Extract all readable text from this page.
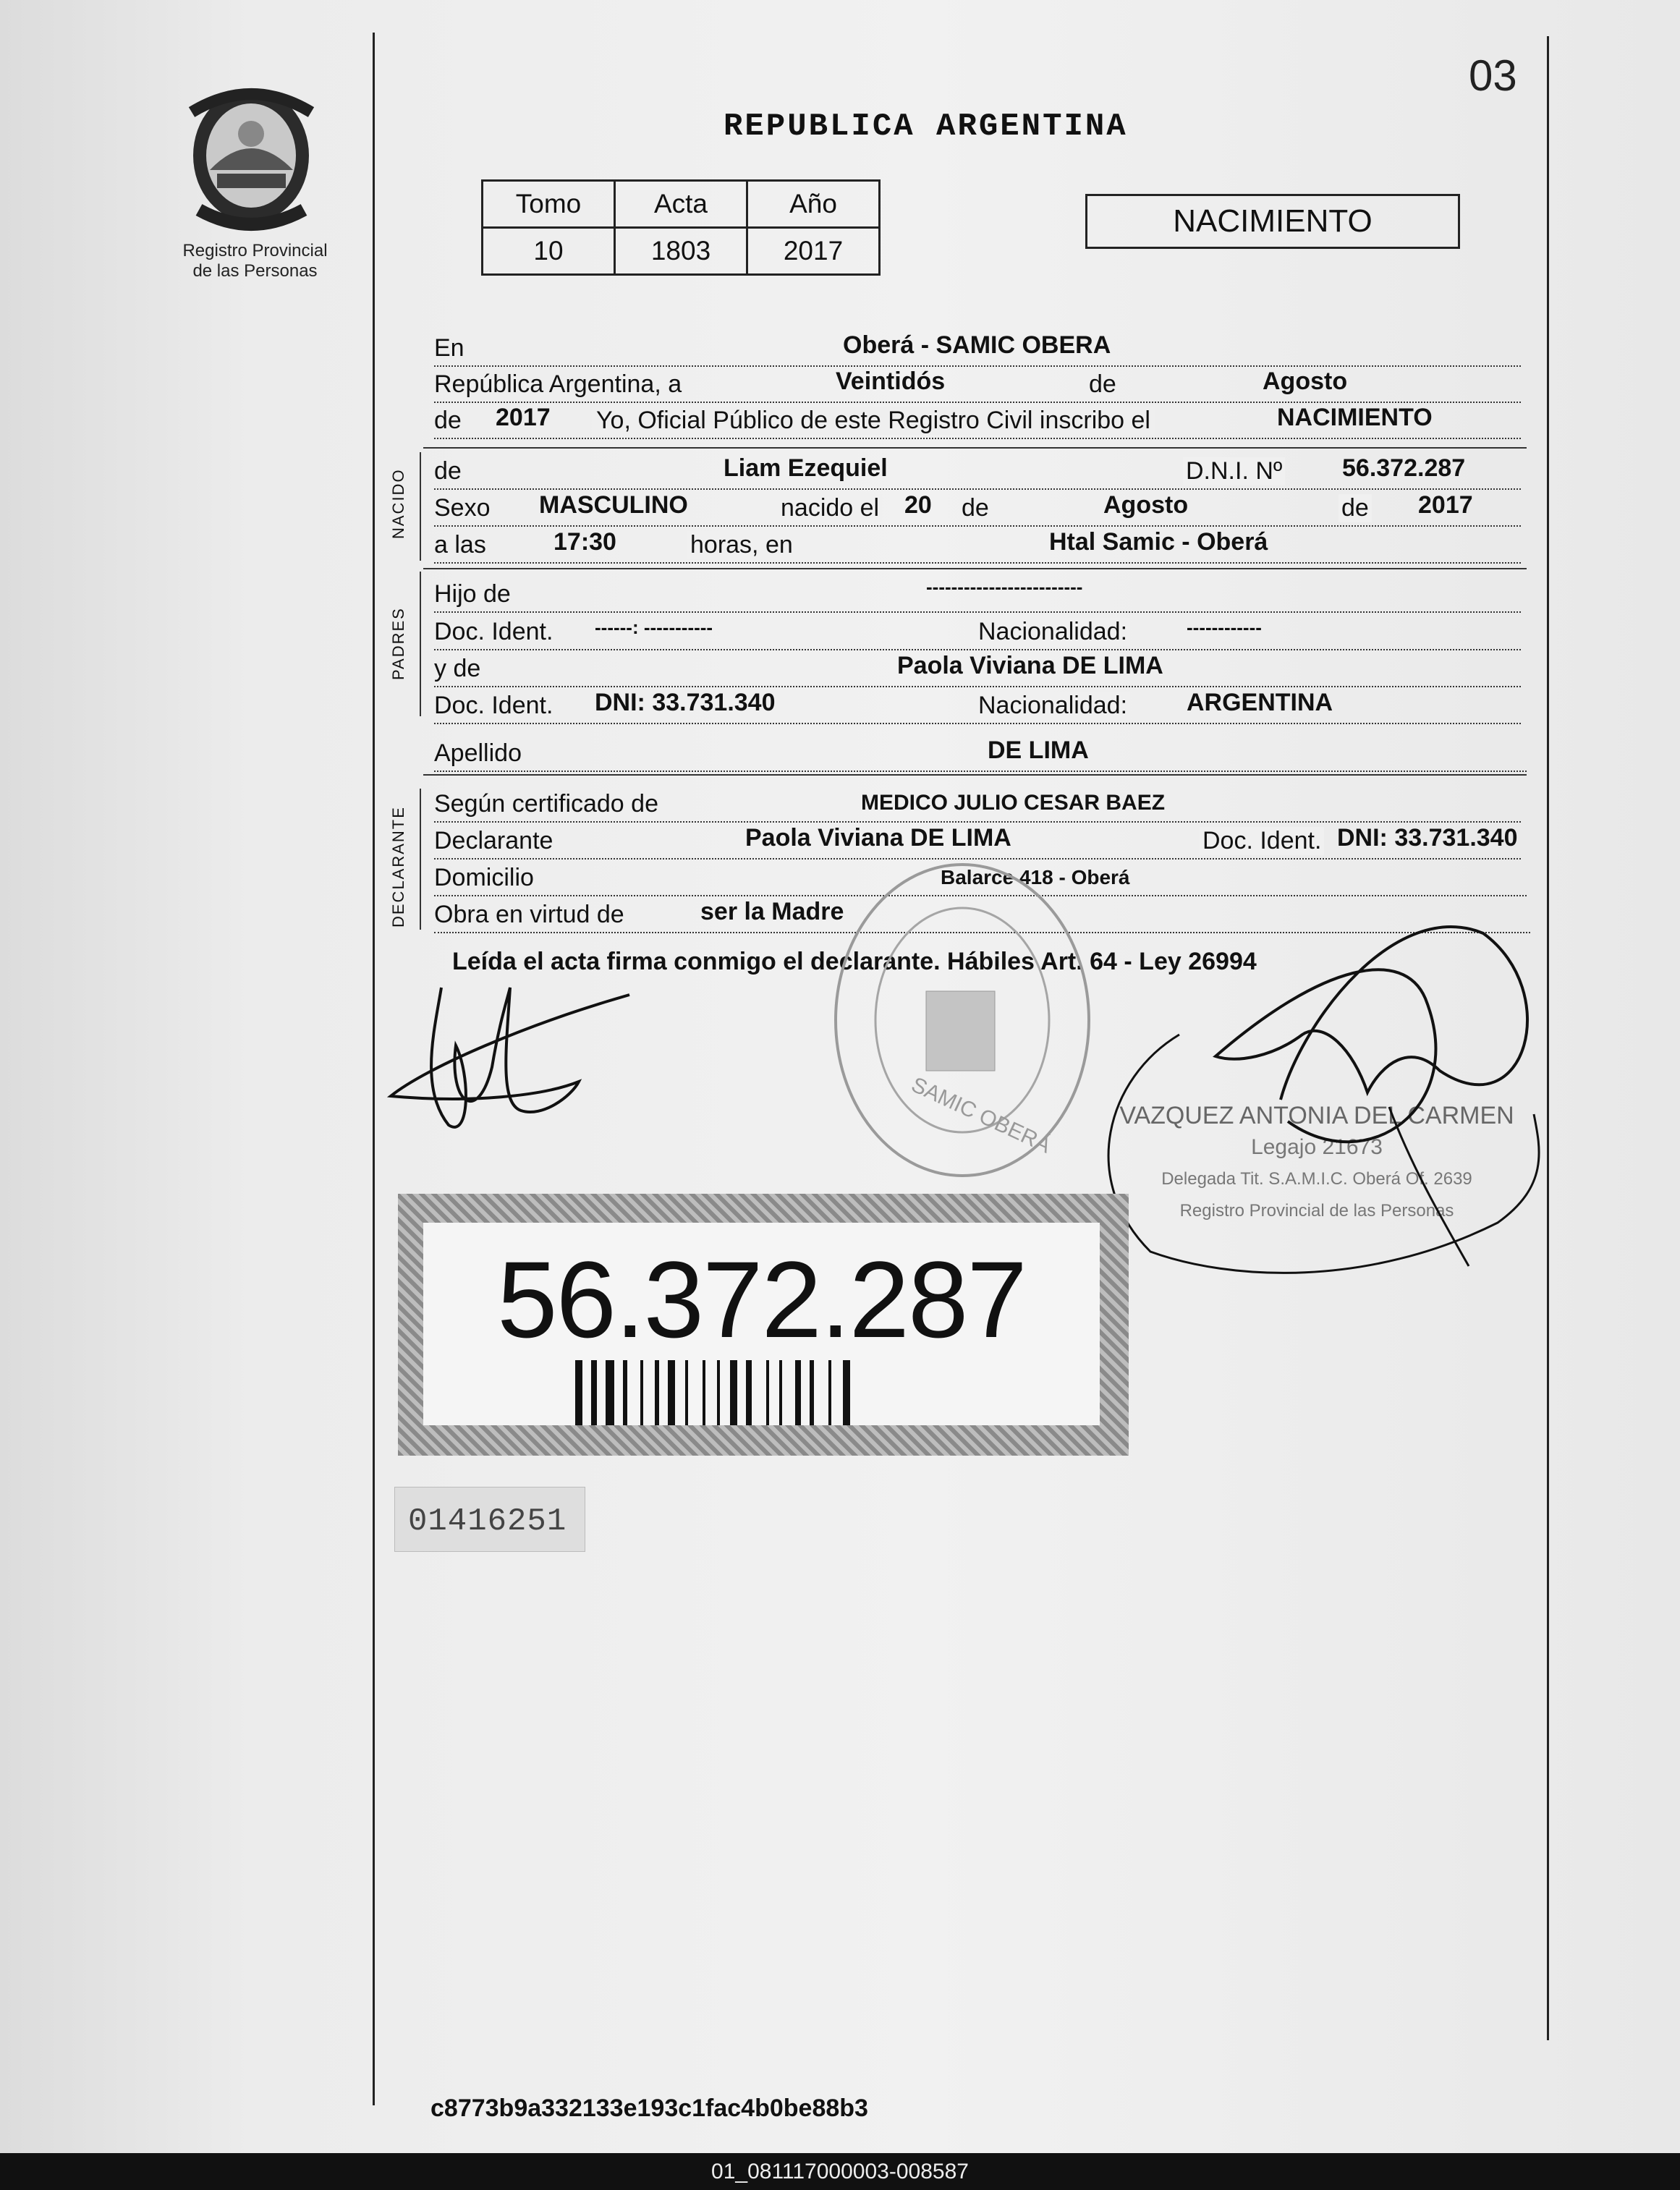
03
Registro Provincial
de las Personas
REPUBLICA ARGENTINA
Tomo	Acta	Año
10	1803	2017
NACIMIENTO
En	Oberá - SAMIC OBERA
República Argentina, a	Veintidós	de	Agosto
de 2017 Yo, Oficial Público de este Registro Civil inscribo el	NACIMIENTO
NACIDO de	Liam Ezequiel	D.N.I. Nº 56.372.287
Sexo MASCULINO	nacido el 20 de	Agosto	de 2017
a las	17:30	horas, en	Htal Samic - Oberá
PADRES
Hijo de	-------------------------
Doc. Ident. ------: -----------	Nacionalidad:	------------
y de	Paola Viviana DE LIMA
Doc. Ident. DNI: 33.731.340	Nacionalidad: ARGENTINA
Apellido	DE LIMA
DECLARANTE
Según certificado de	MEDICO JULIO CESAR BAEZ
Declarante	Paola Viviana DE LIMA	Doc. Ident. DNI: 33.731.340
Domicilio	Balarce 418 - Oberá
Obra en virtud de	ser la Madre
Leída el acta firma conmigo el declarante. Hábiles Art. 64 - Ley 26994
SAMIC OBERÁ	VAZQUEZ ANTONIA DEL CARMEN
Legajo 21673
Delegada Tit. S.A.M.I.C. Oberá Of. 2639
Registro Provincial de las Personas
56.372.287
01416251
c8773b9a332133e193c1fac4b0be88b3
01_081117000003-008587
